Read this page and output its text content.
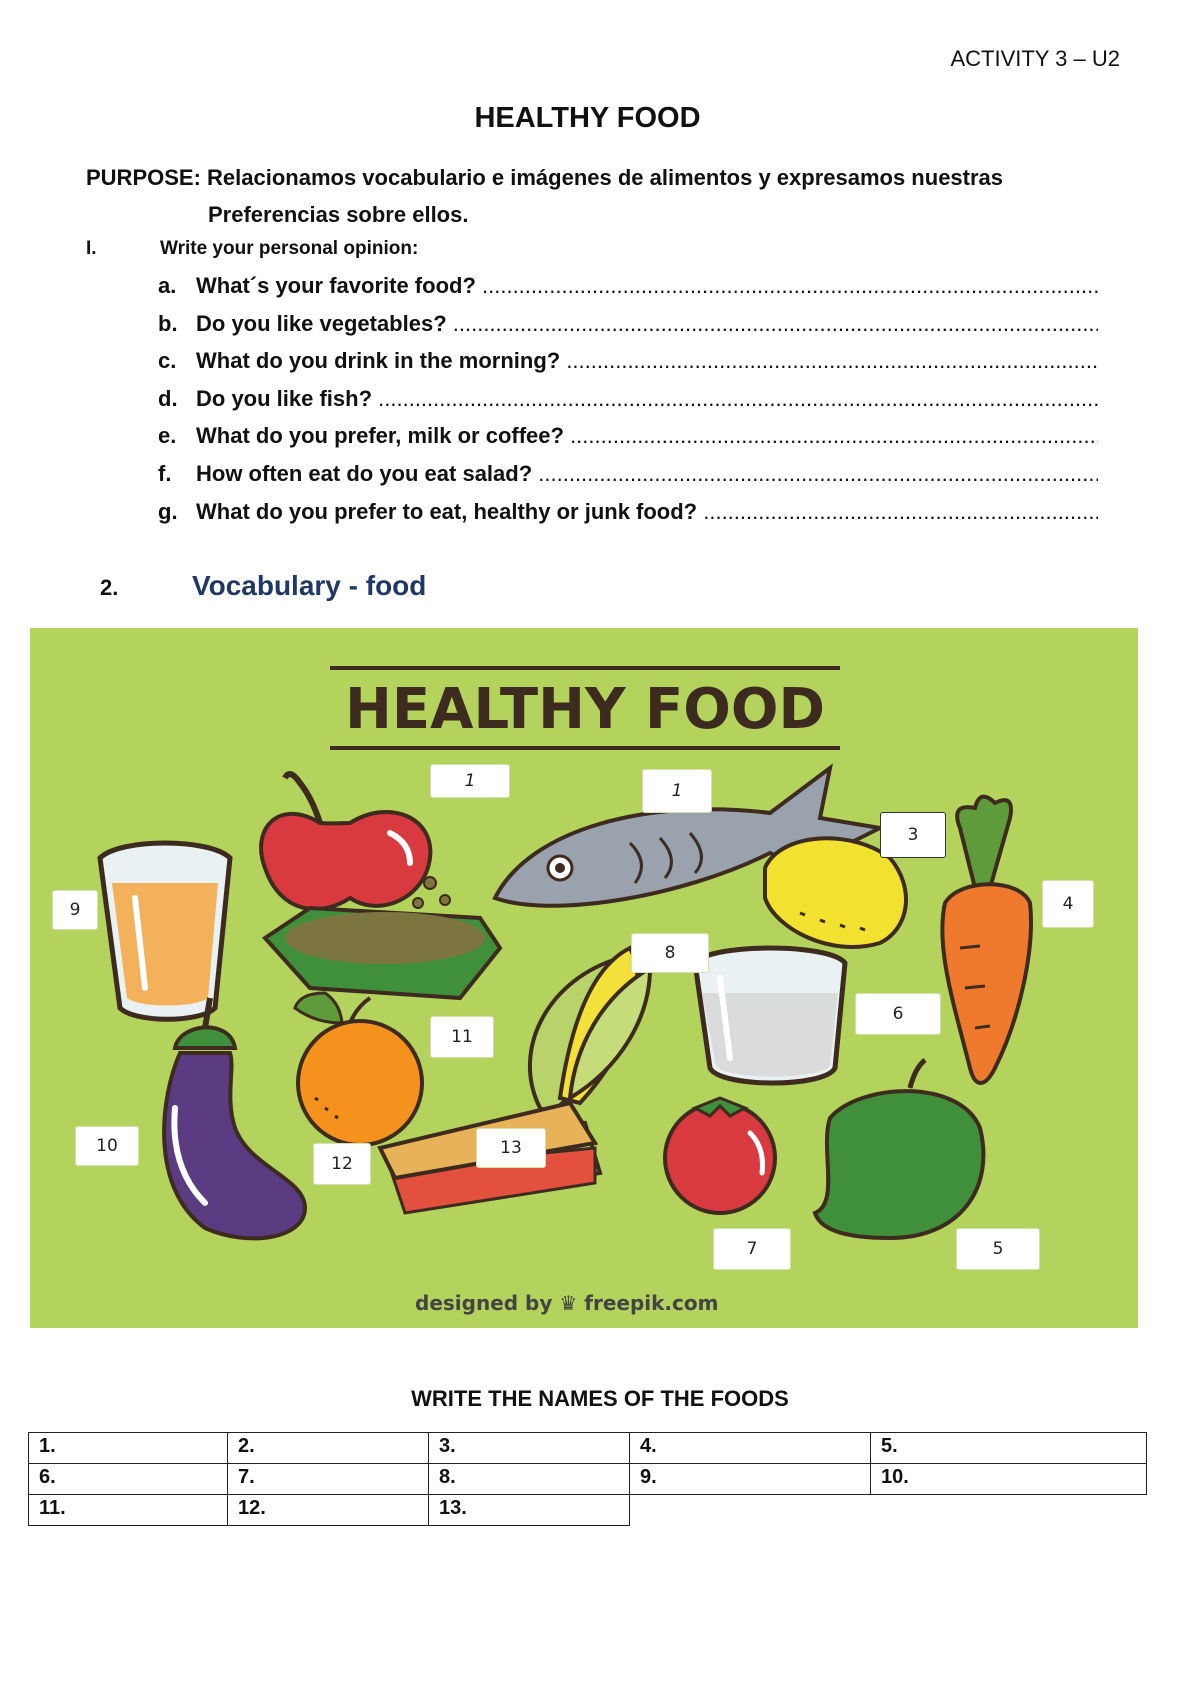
ACTIVITY 3 – U2
HEALTHY FOOD
PURPOSE: Relacionamos vocabulario e imágenes de alimentos y expresamos nuestras
Preferencias sobre ellos.
I.	Write your personal opinion:
a. What´s your favorite food? .....
b. Do you like vegetables? .....
c. What do you drink in the morning? .....
d. Do you like fish? .....
e. What do you prefer, milk or coffee? .....
f. How often eat do you eat salad? .....
g. What do you prefer to eat, healthy or junk food? .....
2.	Vocabulary - food
HEALTHY FOOD
designed by ♛ freepik.com
1	1
3
4
9
8
6
11
10
12
13
7	5
WRITE THE NAMES OF THE FOODS
1.	2.	3.	4.	5.
6.	7.	8.	9.	10.
11.	12.	13.		
